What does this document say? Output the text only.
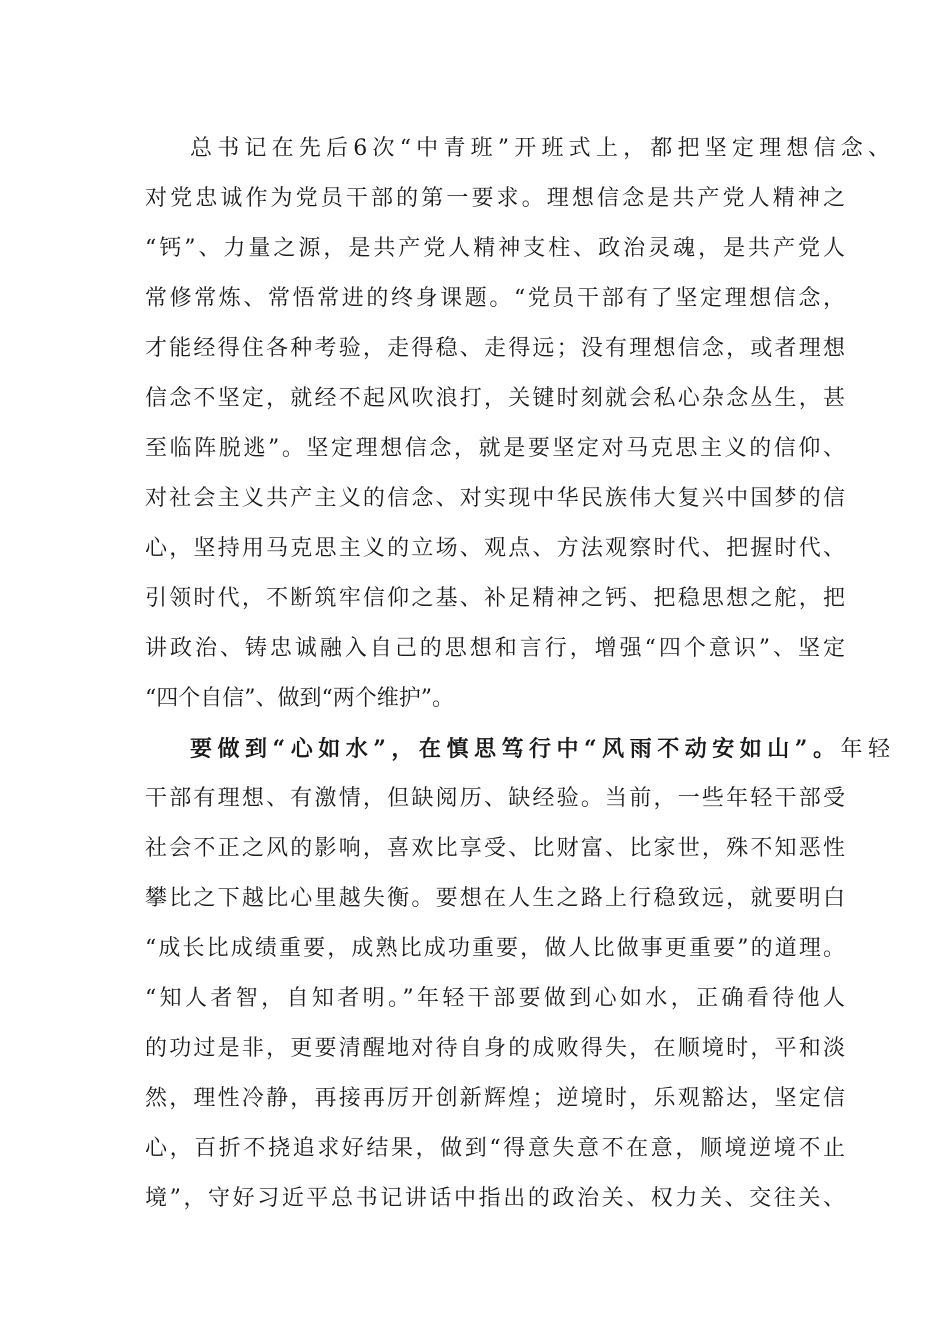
总书记在先后6次“中青班”开班式上，都把坚定理想信念、
对党忠诚作为党员干部的第一要求。理想信念是共产党人精神之
“钙”、力量之源，是共产党人精神支柱、政治灵魂，是共产党人
常修常炼、常悟常进的终身课题。“党员干部有了坚定理想信念，
才能经得住各种考验，走得稳、走得远；没有理想信念，或者理想
信念不坚定，就经不起风吹浪打，关键时刻就会私心杂念丛生，甚
至临阵脱逃”。坚定理想信念，就是要坚定对马克思主义的信仰、
对社会主义共产主义的信念、对实现中华民族伟大复兴中国梦的信
心，坚持用马克思主义的立场、观点、方法观察时代、把握时代、
引领时代，不断筑牢信仰之基、补足精神之钙、把稳思想之舵，把
讲政治、铸忠诚融入自己的思想和言行，增强“四个意识”、坚定
“四个自信”、做到“两个维护”。
要做到“心如水”，在慎思笃行中“风雨不动安如山”。年轻
干部有理想、有激情，但缺阅历、缺经验。当前，一些年轻干部受
社会不正之风的影响，喜欢比享受、比财富、比家世，殊不知恶性
攀比之下越比心里越失衡。要想在人生之路上行稳致远，就要明白
“成长比成绩重要，成熟比成功重要，做人比做事更重要”的道理。
“知人者智，自知者明。”年轻干部要做到心如水，正确看待他人
的功过是非，更要清醒地对待自身的成败得失，在顺境时，平和淡
然，理性冷静，再接再厉开创新辉煌；逆境时，乐观豁达，坚定信
心，百折不挠追求好结果，做到“得意失意不在意，顺境逆境不止
境”，守好习近平总书记讲话中指出的政治关、权力关、交往关、
